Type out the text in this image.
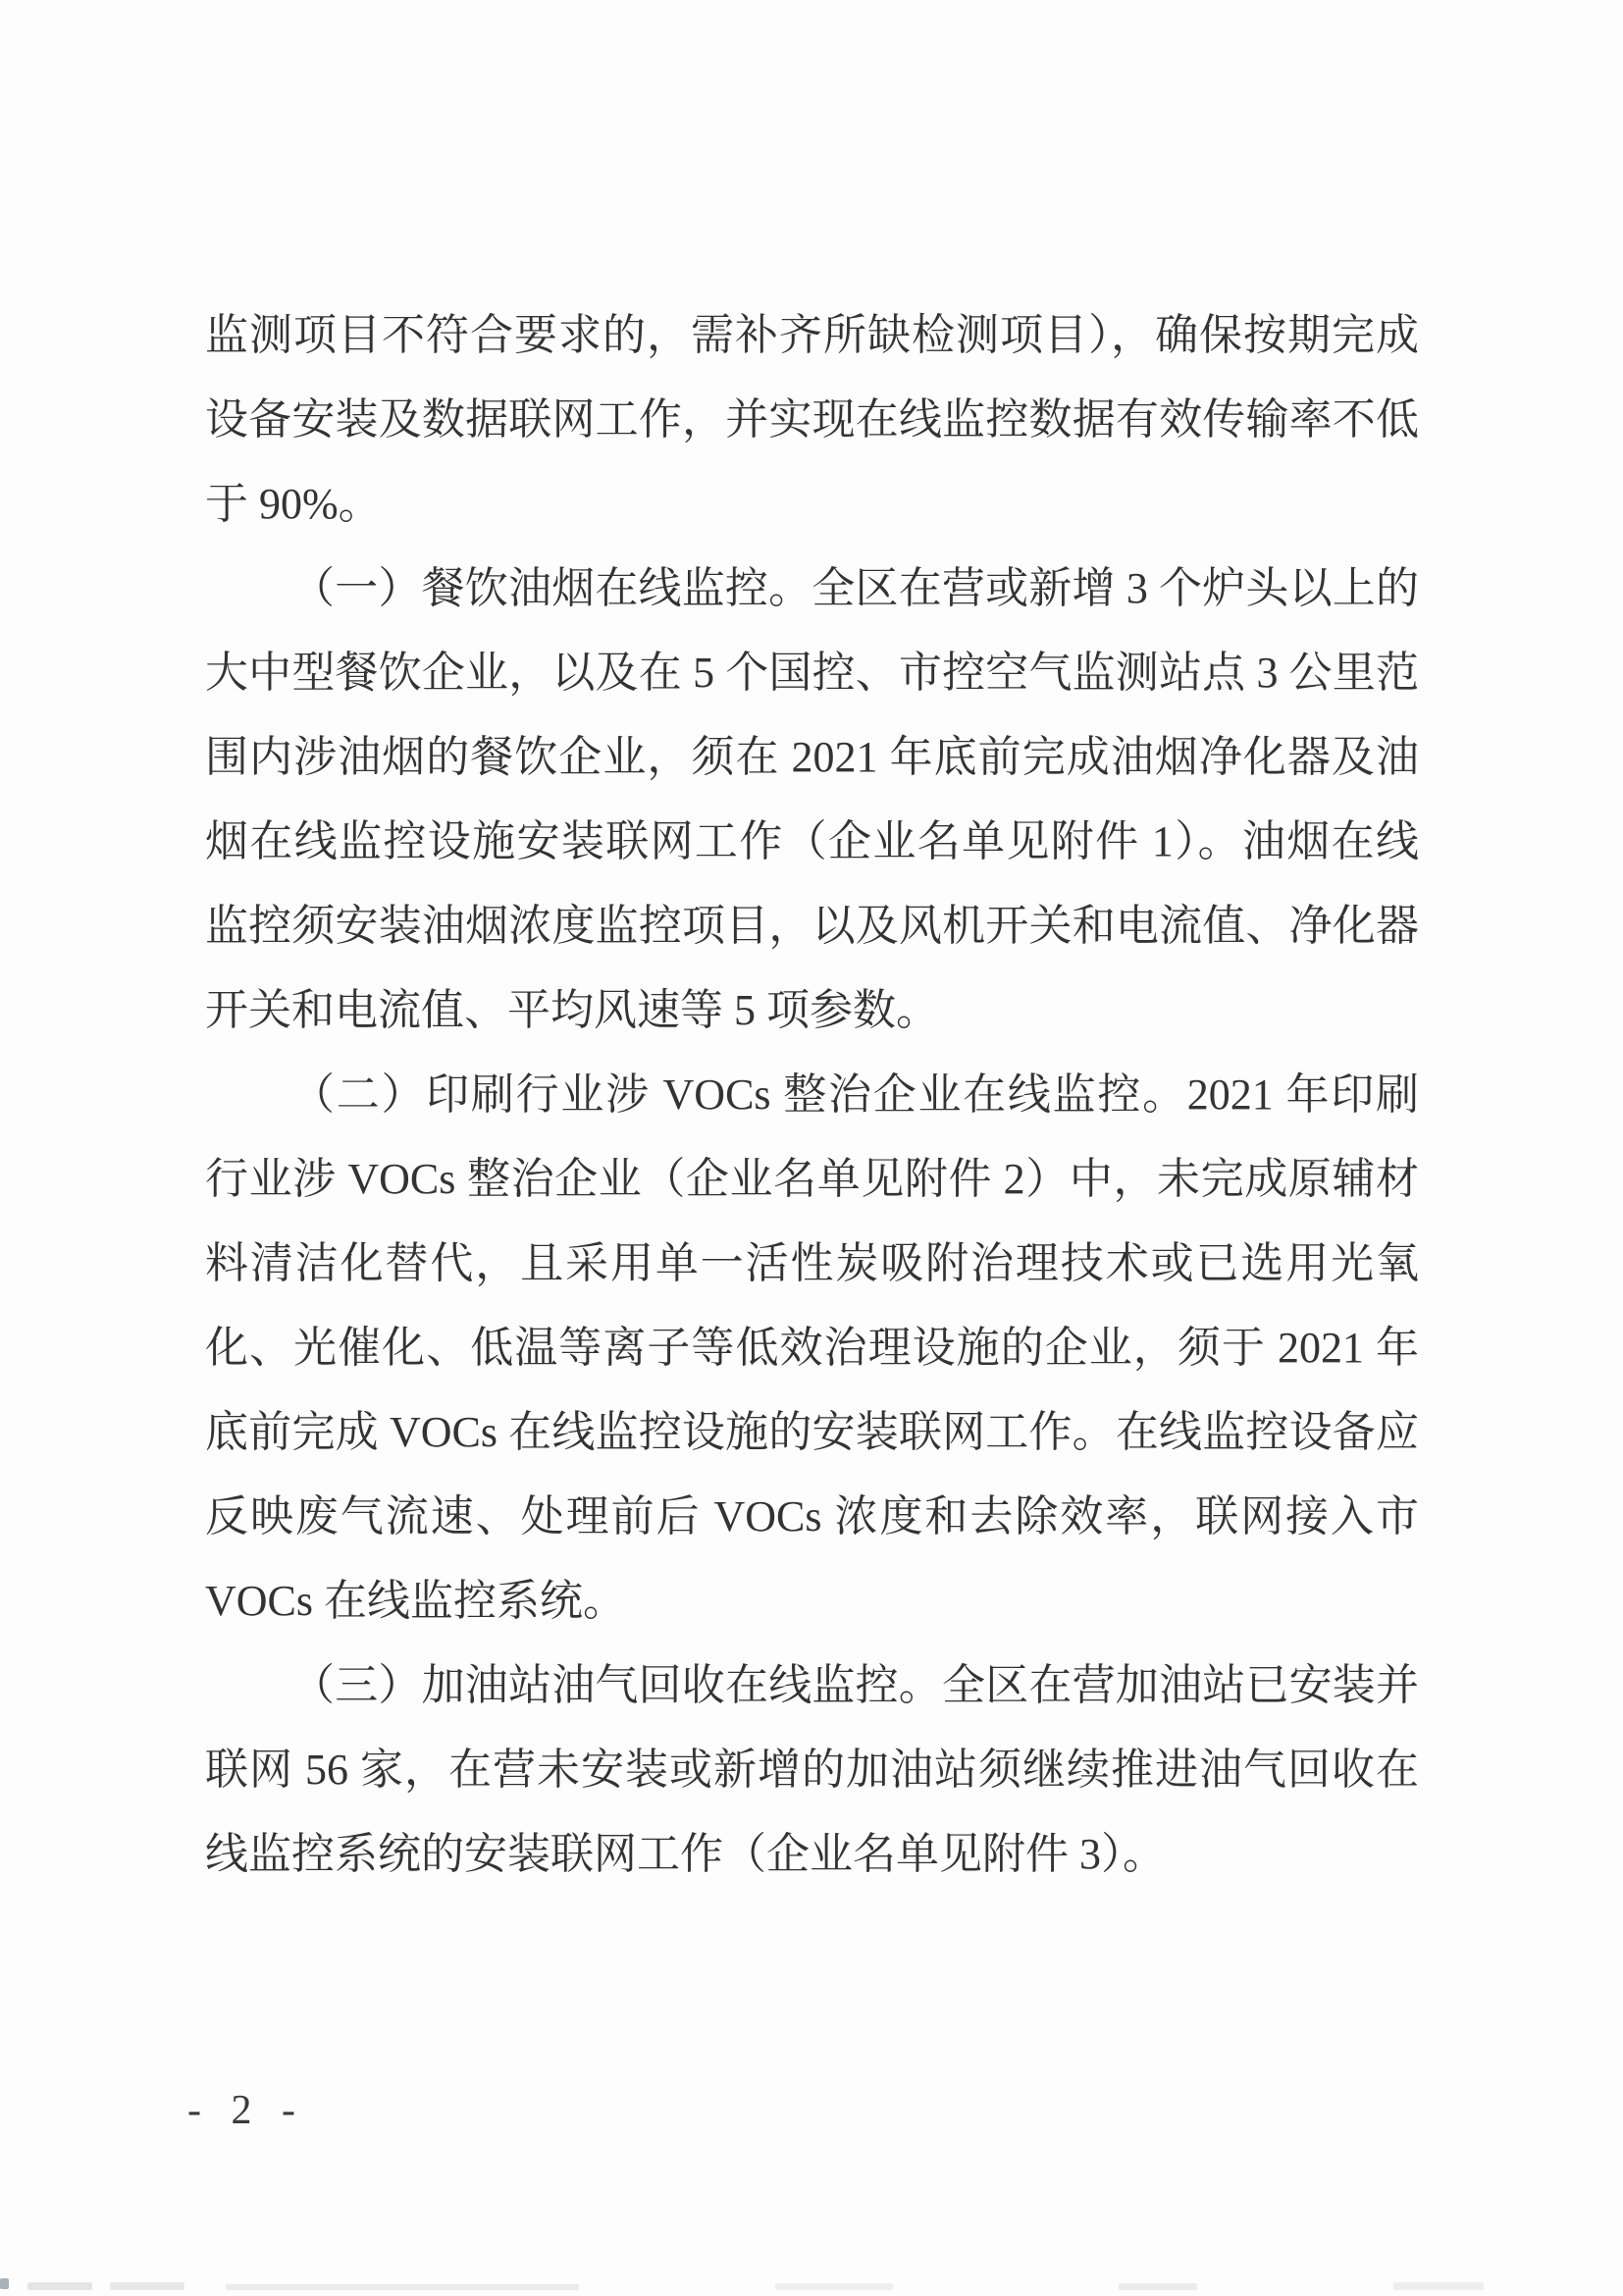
监测项目不符合要求的，需补齐所缺检测项目），确保按期完成
设备安装及数据联网工作，并实现在线监控数据有效传输率不低
于 90%。
（一）餐饮油烟在线监控。全区在营或新增 3 个炉头以上的
大中型餐饮企业，以及在 5 个国控、市控空气监测站点 3 公里范
围内涉油烟的餐饮企业，须在 2021 年底前完成油烟净化器及油
烟在线监控设施安装联网工作（企业名单见附件 1）。油烟在线
监控须安装油烟浓度监控项目，以及风机开关和电流值、净化器
开关和电流值、平均风速等 5 项参数。
（二）印刷行业涉 VOCs 整治企业在线监控。2021 年印刷
行业涉 VOCs 整治企业（企业名单见附件 2）中，未完成原辅材
料清洁化替代，且采用单一活性炭吸附治理技术或已选用光氧
化、光催化、低温等离子等低效治理设施的企业，须于 2021 年
底前完成 VOCs 在线监控设施的安装联网工作。在线监控设备应
反映废气流速、处理前后 VOCs 浓度和去除效率，联网接入市
VOCs 在线监控系统。
（三）加油站油气回收在线监控。全区在营加油站已安装并
联网 56 家，在营未安装或新增的加油站须继续推进油气回收在
线监控系统的安装联网工作（企业名单见附件 3）。
- 2 -
